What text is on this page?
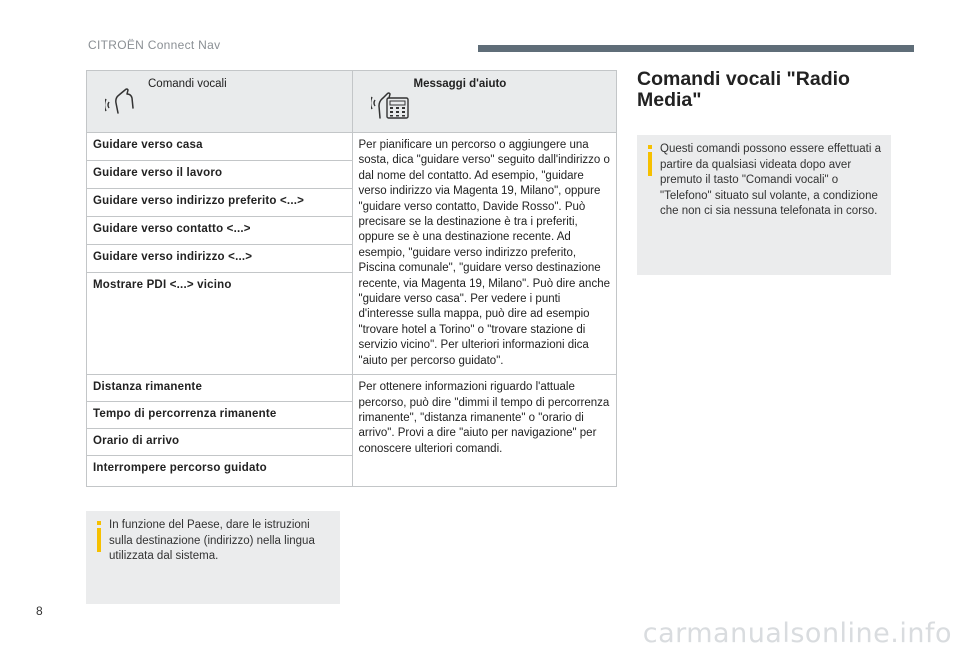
CITROËN Connect Nav
Comandi vocali	Messaggi d'aiuto

Guidare verso casa	Per pianificare un percorso o aggiungere una sosta, dica "guidare verso" seguito dall'indirizzo o dal nome del contatto. Ad esempio, "guidare verso indirizzo via Magenta 19, Milano", oppure "guidare verso contatto, Davide Rosso". Può precisare se la destinazione è tra i preferiti, oppure se è una destinazione recente. Ad esempio, "guidare verso indirizzo preferito, Piscina comunale", "guidare verso destinazione recente, via Magenta 19, Milano". Può dire anche "guidare verso casa". Per vedere i punti d'interesse sulla mappa, può dire ad esempio "trovare hotel a Torino" o "trovare stazione di servizio vicino". Per ulteriori informazioni dica "aiuto per percorso guidato".
Guidare verso il lavoro	
Guidare verso indirizzo preferito <...>	
Guidare verso contatto <...>	
Guidare verso indirizzo <...>	
Mostrare PDI <...> vicino	
Distanza rimanente	Per ottenere informazioni riguardo l'attuale percorso, può dire "dimmi il tempo di percorrenza rimanente", "distanza rimanente" o "orario di arrivo". Provi a dire "aiuto per navigazione" per conoscere ulteriori comandi.
Tempo di percorrenza rimanente	
Orario di arrivo	
Interrompere percorso guidato	
In funzione del Paese, dare le istruzioni sulla destinazione (indirizzo) nella lingua utilizzata dal sistema.
Comandi vocali "Radio Media"
Questi comandi possono essere effettuati a partire da qualsiasi videata dopo aver premuto il tasto "Comandi vocali" o "Telefono" situato sul volante, a condizione che non ci sia nessuna telefonata in corso.
8
carmanualsonline.info
